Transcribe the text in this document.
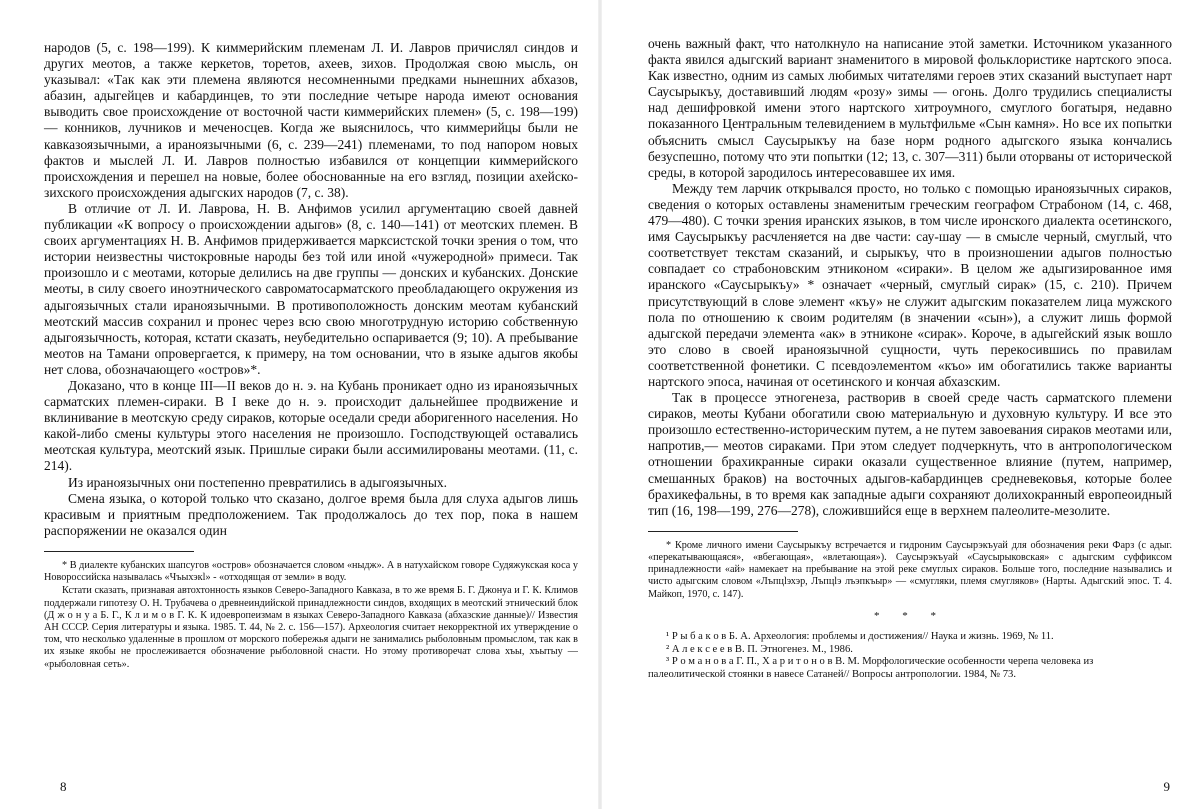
народов (5, с. 198—199). К киммерийским племенам Л. И. Лавров причислял синдов и других меотов, а также керкетов, торетов, ахеев, зихов. Продолжая свою мысль, он указывал: «Так как эти племена являются несомненными предками нынешних абхазов, абазин, адыгейцев и кабардинцев, то эти последние четыре народа имеют основания выводить свое происхождение от восточной части киммерийских племен» (5, с. 198—199) — конников, лучников и меченосцев. Когда же выяснилось, что киммерийцы были не кавказоязычными, а ираноязычными (6, с. 239—241) племенами, то под напором новых фактов и мыслей Л. И. Лавров полностью избавился от концепции киммерийского происхождения и перешел на новые, более обоснованные на его взгляд, позиции ахейско-зихского происхождения адыгских народов (7, с. 38).

В отличие от Л. И. Лаврова, Н. В. Анфимов усилил аргументацию своей давней публикации «К вопросу о происхождении адыгов» (8, с. 140—141) от меотских племен. В своих аргументациях Н. В. Анфимов придерживается марксистской точки зрения о том, что истории неизвестны чистокровные народы без той или иной «чужеродной» примеси. Так произошло и с меотами, которые делились на две группы — донских и кубанских. Донские меоты, в силу своего иноэтнического савроматосарматского преобладающего окружения из адыгоязычных стали ираноязычными. В противоположность донским меотам кубанский меотский массив сохранил и пронес через всю свою многотрудную историю собственную адыгоязычность, которая, кстати сказать, неубедительно оспаривается (9; 10). А пребывание меотов на Тамани опровергается, к примеру, на том основании, что в языке адыгов якобы нет слова, обозначающего «остров»*.

Доказано, что в конце III—II веков до н. э. на Кубань проникает одно из ираноязычных сарматских племен-сираки. В I веке до н. э. происходит дальнейшее продвижение и вклинивание в меотскую среду сираков, которые оседали среди аборигенного населения. Но какой-либо смены культуры этого населения не произошло. Господствующей оставались меотская культура, меотский язык. Пришлые сираки были ассимилированы меотами. (11, с. 214).

Из ираноязычных они постепенно превратились в адыгоязычных.

Смена языка, о которой только что сказано, долгое время была для слуха адыгов лишь красивым и приятным предположением. Так продолжалось до тех пор, пока в нашем распоряжении не оказался один

* В диалекте кубанских шапсугов «остров» обозначается словом «ныдж». А в натухайском говоре Судяжукская коса у Новороссийска называлась «Чъыхэкӏ» - «отходящая от земли» в воду.

Кстати сказать, признавая автохтонность языков Северо-Западного Кавказа, в то же время Б. Г. Джонуа и Г. К. Климов поддержали гипотезу О. Н. Трубачева о древнеиндийской принадлежности синдов, входящих в меотский этнический блок (Д ж о н у а Б. Г., К л и м о в Г. К. К идоевропеизмам в языках Северо-Западного Кавказа (абхазские данные)// Известия АН СССР. Серия литературы и языка. 1985. Т. 44, № 2. с. 156—157). Археология считает некорректной их утверждение о том, что несколько удаленные в прошлом от морского побережья адыги не занимались рыболовным промыслом, так как в их языке якобы не прослеживается обозначение рыболовной снасти. Но этому противоречат слова хъы, хъытыу — «рыболовная сеть».

8

очень важный факт, что натолкнуло на написание этой заметки. Источником указанного факта явился адыгский вариант знаменитого в мировой фольклористике нартского эпоса. Как известно, одним из самых любимых читателями героев этих сказаний выступает нарт Саусырыкъу, доставивший людям «розу» зимы — огонь. Долго трудились специалисты над дешифровкой имени этого нартского хитроумного, смуглого богатыря, недавно показанного Центральным телевидением в мультфильме «Сын камня». Но все их попытки объяснить смысл Саусырыкъу на базе норм родного адыгского языка кончались безуспешно, потому что эти попытки (12; 13, с. 307—311) были оторваны от исторической среды, в которой зародилось интересовавшее их имя.

Между тем ларчик открывался просто, но только с помощью ираноязычных сираков, сведения о которых оставлены знаменитым греческим географом Страбоном (14, с. 468, 479—480). С точки зрения иранских языков, в том числе иронского диалекта осетинского, имя Саусырыкъу расчленяется на две части: сау-шау — в смысле черный, смуглый, что соответствует текстам сказаний, и сырыкъу, что в произношении адыгов полностью совпадает со страбоновским этниконом «сираки». В целом же адыгизированное имя иранского «Саусырыкъу» * означает «черный, смуглый сирак» (15, с. 210). Причем присутствующий в слове элемент «къу» не служит адыгским показателем лица мужского пола по отношению к своим родителям (в значении «сын»), а служит лишь формой адыгской передачи элемента «ак» в этниконе «сирак». Короче, в адыгейский язык вошло это слово в своей ираноязычной сущности, чуть перекосившись по правилам соответственной фонетики. С псевдоэлементом «къо» им обогатились также варианты нартского эпоса, начиная от осетинского и кончая абхазским.

Так в процессе этногенеза, растворив в своей среде часть сарматского племени сираков, меоты Кубани обогатили свою материальную и духовную культуру. И все это произошло естественно-историческим путем, а не путем завоевания сираков меотами или, напротив,— меотов сираками. При этом следует подчеркнуть, что в антропологическом отношении брахикранные сираки оказали существенное влияние (путем, например, смешанных браков) на восточных адыгов-кабардинцев средневековья, которые более брахикефальны, в то время как западные адыги сохраняют долихокранный европеоидный тип (16, 198—199, 276—278), сложившийся еще в верхнем палеолите-мезолите.

* Кроме личного имени Саусырыкъу встречается и гидроним Саусырэкъуай для обозначения реки Фарз (с адыг. «перекатывающаяся», «вбегающая», «влетающая»). Саусырэкъуай «Саусырыковская» с адыгским суффиксом принадлежности «ай» намекает на пребывание на этой реке смуглых сираков. Больше того, последние назывались и чисто адыгским словом «Лъпцӏэхэр, Лъпцӏэ лъэпкъыр» — «смугляки, племя смугляков» (Нарты. Адыгский эпос. Т. 4. Майкоп, 1970, с. 147).

* * *

¹ Р ы б а к о в Б. А. Археология: проблемы и достижения// Наука и жизнь. 1969, № 11.

² А л е к с е е в В. П. Этногенез. М., 1986.

³ Р о м а н о в а Г. П., Х а р и т о н о в В. М. Морфологические особенности черепа человека из палеолитической стоянки в навесе Сатаней// Вопросы антропологии. 1984, № 73.

9
